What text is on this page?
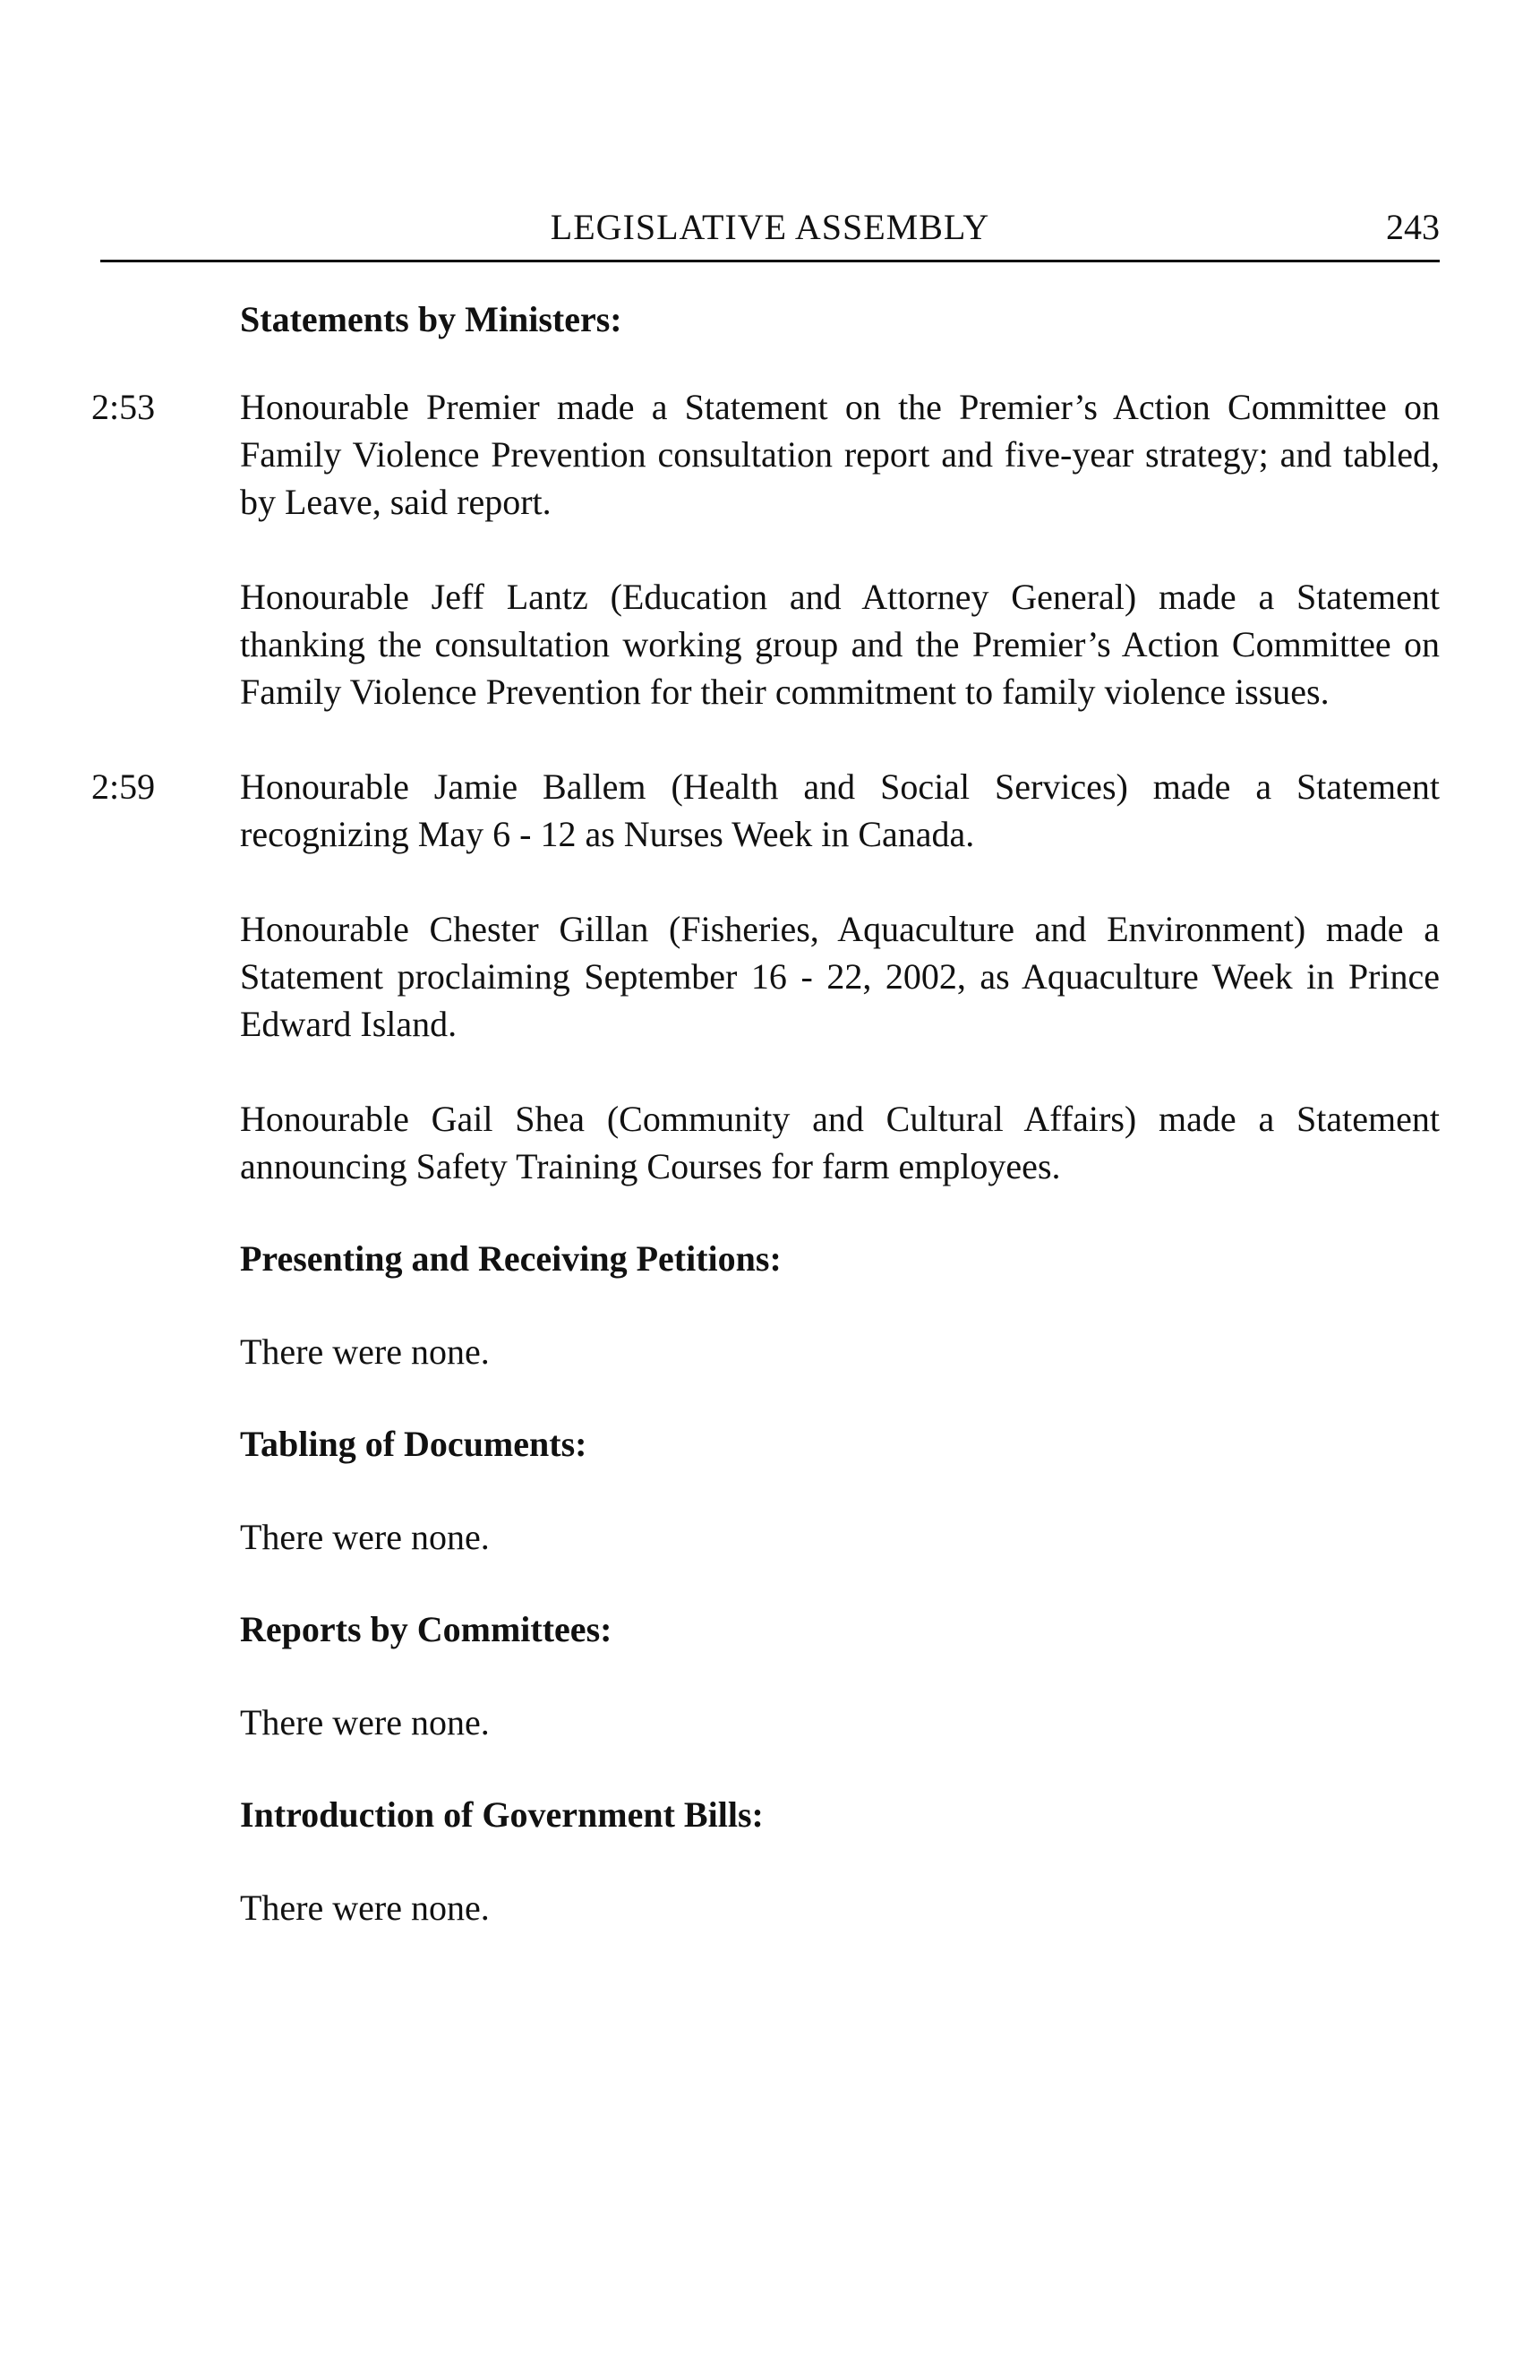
LEGISLATIVE ASSEMBLY	243

Statements by Ministers:

2:53 Honourable Premier made a Statement on the Premier’s Action Committee on Family Violence Prevention consultation report and five-year strategy; and tabled, by Leave, said report.

Honourable Jeff Lantz (Education and Attorney General) made a Statement thanking the consultation working group and the Premier’s Action Committee on Family Violence Prevention for their commitment to family violence issues.

2:59 Honourable Jamie Ballem (Health and Social Services) made a Statement recognizing May 6 - 12 as Nurses Week in Canada.

Honourable Chester Gillan (Fisheries, Aquaculture and Environment) made a Statement proclaiming September 16 - 22, 2002, as Aquaculture Week in Prince Edward Island.

Honourable Gail Shea (Community and Cultural Affairs) made a Statement announcing Safety Training Courses for farm employees.

Presenting and Receiving Petitions:

There were none.

Tabling of Documents:

There were none.

Reports by Committees:

There were none.

Introduction of Government Bills:

There were none.
